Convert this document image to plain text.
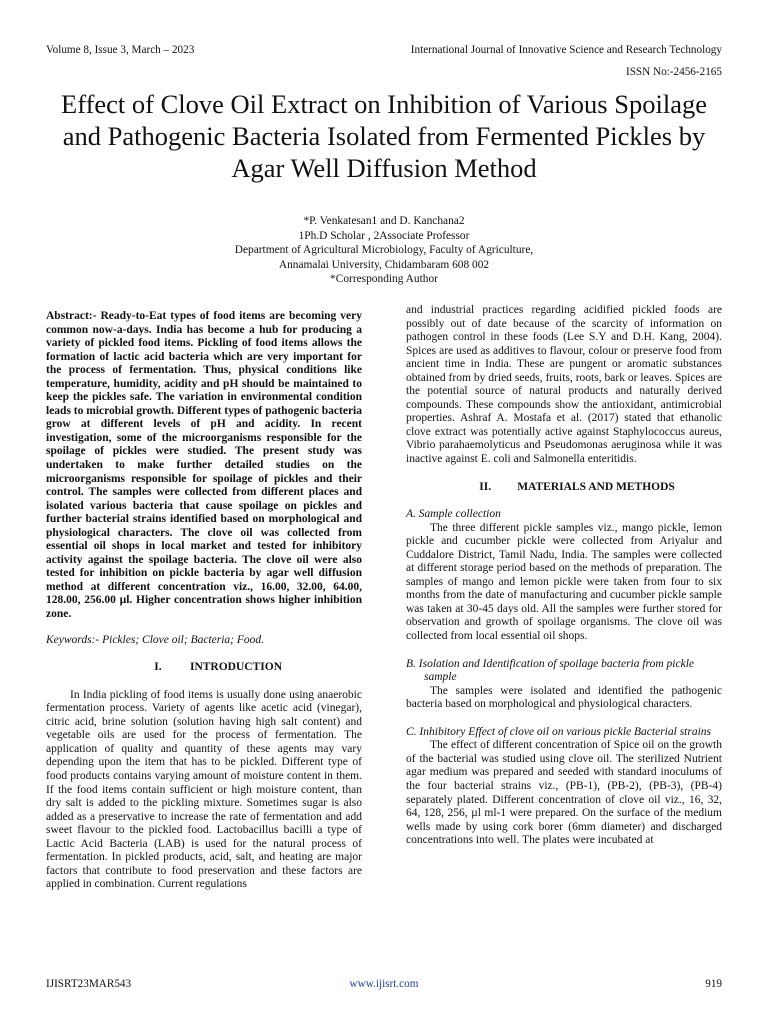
Volume 8, Issue 3, March – 2023	International Journal of Innovative Science and Research Technology
ISSN No:-2456-2165
Effect of Clove Oil Extract on Inhibition of Various Spoilage and Pathogenic Bacteria Isolated from Fermented Pickles by Agar Well Diffusion Method
*P. Venkatesan1 and D. Kanchana2
1Ph.D Scholar , 2Associate Professor
Department of Agricultural Microbiology, Faculty of Agriculture,
Annamalai University, Chidambaram 608 002
*Corresponding Author

Abstract:- Ready-to-Eat types of food items are becoming very common now-a-days. India has become a hub for producing a variety of pickled food items. Pickling of food items allows the formation of lactic acid bacteria which are very important for the process of fermentation. Thus, physical conditions like temperature, humidity, acidity and pH should be maintained to keep the pickles safe. The variation in environmental condition leads to microbial growth. Different types of pathogenic bacteria grow at different levels of pH and acidity. In recent investigation, some of the microorganisms responsible for the spoilage of pickles were studied. The present study was undertaken to make further detailed studies on the microorganisms responsible for spoilage of pickles and their control. The samples were collected from different places and isolated various bacteria that cause spoilage on pickles and further bacterial strains identified based on morphological and physiological characters. The clove oil was collected from essential oil shops in local market and tested for inhibitory activity against the spoilage bacteria. The clove oil were also tested for inhibition on pickle bacteria by agar well diffusion method at different concentration viz., 16.00, 32.00, 64.00, 128.00, 256.00 µl. Higher concentration shows higher inhibition zone.

Keywords:- Pickles; Clove oil; Bacteria; Food.

I. INTRODUCTION

In India pickling of food items is usually done using anaerobic fermentation process. Variety of agents like acetic acid (vinegar), citric acid, brine solution (solution having high salt content) and vegetable oils are used for the process of fermentation. The application of quality and quantity of these agents may vary depending upon the item that has to be pickled. Different type of food products contains varying amount of moisture content in them. If the food items contain sufficient or high moisture content, than dry salt is added to the pickling mixture. Sometimes sugar is also added as a preservative to increase the rate of fermentation and add sweet flavour to the pickled food. Lactobacillus bacilli a type of Lactic Acid Bacteria (LAB) is used for the natural process of fermentation. In pickled products, acid, salt, and heating are major factors that contribute to food preservation and these factors are applied in combination. Current regulations

and industrial practices regarding acidified pickled foods are possibly out of date because of the scarcity of information on pathogen control in these foods (Lee S.Y and D.H. Kang, 2004). Spices are used as additives to flavour, colour or preserve food from ancient time in India. These are pungent or aromatic substances obtained from by dried seeds, fruits, roots, bark or leaves. Spices are the potential source of natural products and naturally derived compounds. These compounds show the antioxidant, antimicrobial properties. Ashraf A. Mostafa et al. (2017) stated that ethanolic clove extract was potentially active against Staphylococcus aureus, Vibrio parahaemolyticus and Pseudomonas aeruginosa while it was inactive against E. coli and Salmonella enteritidis.

II. MATERIALS AND METHODS

A. Sample collection

The three different pickle samples viz., mango pickle, lemon pickle and cucumber pickle were collected from Ariyalur and Cuddalore District, Tamil Nadu, India. The samples were collected at different storage period based on the methods of preparation. The samples of mango and lemon pickle were taken from four to six months from the date of manufacturing and cucumber pickle sample was taken at 30-45 days old. All the samples were further stored for observation and growth of spoilage organisms. The clove oil was collected from local essential oil shops.

B. Isolation and Identification of spoilage bacteria from pickle sample

The samples were isolated and identified the pathogenic bacteria based on morphological and physiological characters.

C. Inhibitory Effect of clove oil on various pickle Bacterial strains

The effect of different concentration of Spice oil on the growth of the bacterial was studied using clove oil. The sterilized Nutrient agar medium was prepared and seeded with standard inoculums of the four bacterial strains viz., (PB-1), (PB-2), (PB-3), (PB-4) separately plated. Different concentration of clove oil viz., 16, 32, 64, 128, 256, µl ml-1 were prepared. On the surface of the medium wells made by using cork borer (6mm diameter) and discharged concentrations into well. The plates were incubated at

IJISRT23MAR543	www.ijisrt.com	919
